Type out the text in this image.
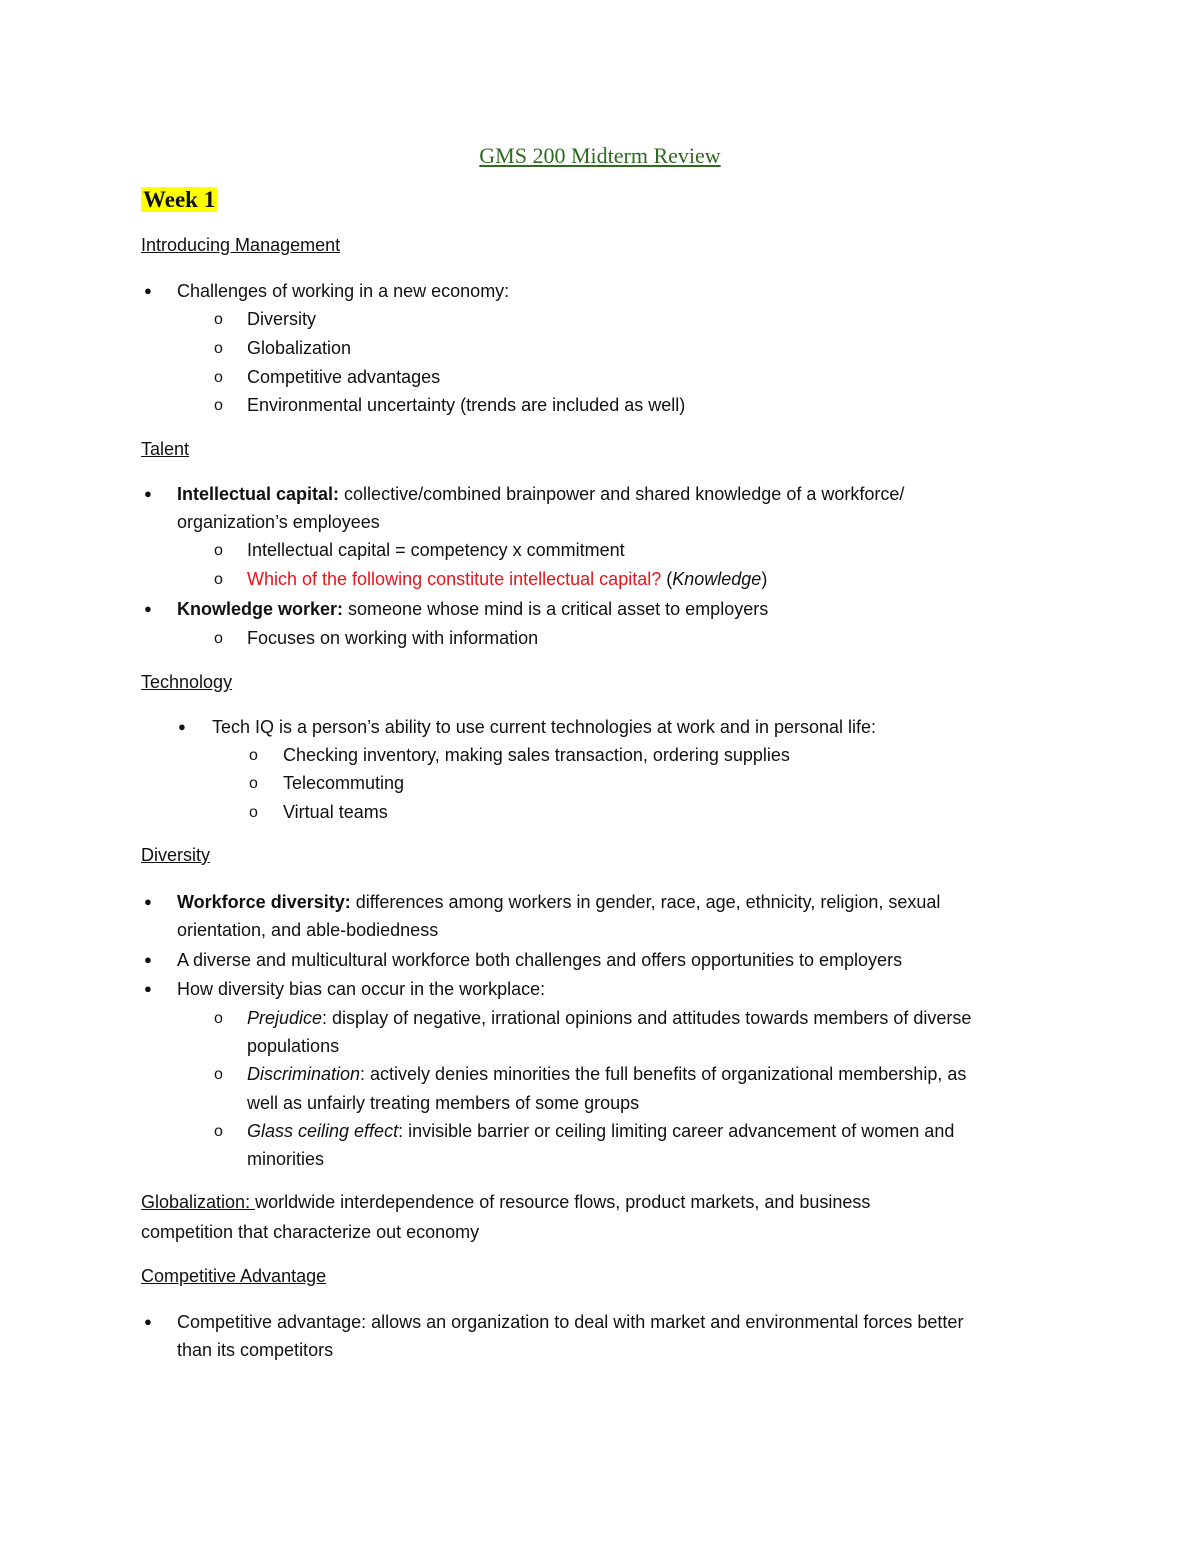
GMS 200 Midterm Review
Week 1
Introducing Management
● Challenges of working in a new economy:
o Diversity
o Globalization
o Competitive advantages
o Environmental uncertainty (trends are included as well)
Talent
● Intellectual capital: collective/combined brainpower and shared knowledge of a workforce/
organization’s employees
o Intellectual capital = competency x commitment
o Which of the following constitute intellectual capital? (Knowledge)
● Knowledge worker: someone whose mind is a critical asset to employers
o Focuses on working with information
Technology
● Tech IQ is a person’s ability to use current technologies at work and in personal life:
o Checking inventory, making sales transaction, ordering supplies
o Telecommuting
o Virtual teams
Diversity
● Workforce diversity: differences among workers in gender, race, age, ethnicity, religion, sexual
orientation, and able-bodiedness
● A diverse and multicultural workforce both challenges and offers opportunities to employers
● How diversity bias can occur in the workplace:
o Prejudice: display of negative, irrational opinions and attitudes towards members of diverse
populations
o Discrimination: actively denies minorities the full benefits of organizational membership, as
well as unfairly treating members of some groups
o Glass ceiling effect: invisible barrier or ceiling limiting career advancement of women and
minorities
Globalization: worldwide interdependence of resource flows, product markets, and business
competition that characterize out economy
Competitive Advantage
● Competitive advantage: allows an organization to deal with market and environmental forces better
than its competitors
